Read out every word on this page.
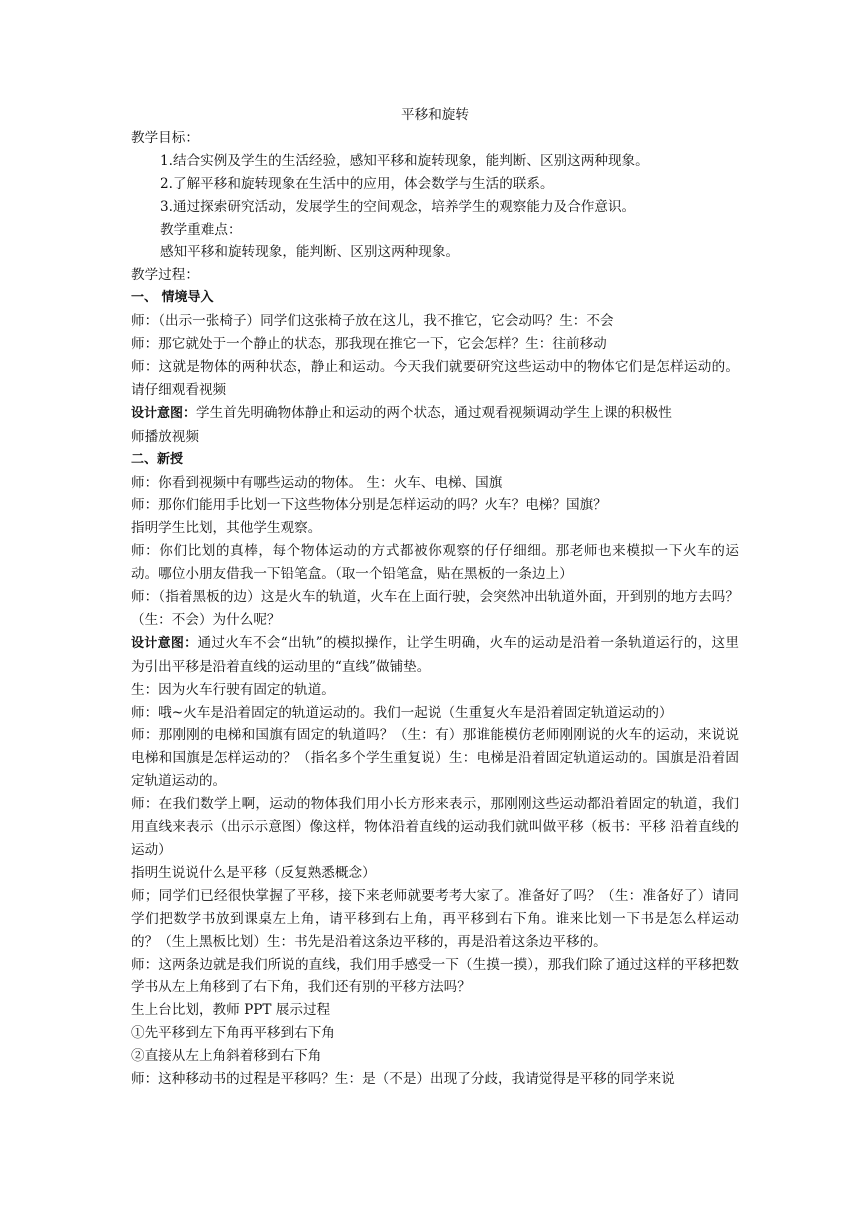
平移和旋转

教学目标：

1.结合实例及学生的生活经验，感知平移和旋转现象，能判断、区别这两种现象。

2.了解平移和旋转现象在生活中的应用，体会数学与生活的联系。

3.通过探索研究活动，发展学生的空间观念，培养学生的观察能力及合作意识。

教学重难点：

感知平移和旋转现象，能判断、区别这两种现象。

教学过程：

一、 情境导入

师：（出示一张椅子）同学们这张椅子放在这儿，我不推它，它会动吗？生：不会

师：那它就处于一个静止的状态，那我现在推它一下，它会怎样？生：往前移动

师：这就是物体的两种状态，静止和运动。今天我们就要研究这些运动中的物体它们是怎样运动的。请仔细观看视频

设计意图：学生首先明确物体静止和运动的两个状态，通过观看视频调动学生上课的积极性

师播放视频

二、新授

师：你看到视频中有哪些运动的物体。 生：火车、电梯、国旗

师：那你们能用手比划一下这些物体分别是怎样运动的吗？火车？电梯？国旗？

指明学生比划，其他学生观察。

师：你们比划的真棒，每个物体运动的方式都被你观察的仔仔细细。那老师也来模拟一下火车的运动。哪位小朋友借我一下铅笔盒。（取一个铅笔盒，贴在黑板的一条边上）

师：（指着黑板的边）这是火车的轨道，火车在上面行驶，会突然冲出轨道外面，开到别的地方去吗？（生：不会）为什么呢？

设计意图：通过火车不会“出轨”的模拟操作，让学生明确，火车的运动是沿着一条轨道运行的，这里为引出平移是沿着直线的运动里的“直线”做铺垫。

生：因为火车行驶有固定的轨道。

师：哦~火车是沿着固定的轨道运动的。我们一起说（生重复火车是沿着固定轨道运动的）

师：那刚刚的电梯和国旗有固定的轨道吗？（生：有）那谁能模仿老师刚刚说的火车的运动，来说说电梯和国旗是怎样运动的？（指名多个学生重复说）生：电梯是沿着固定轨道运动的。国旗是沿着固定轨道运动的。

师：在我们数学上啊，运动的物体我们用小长方形来表示，那刚刚这些运动都沿着固定的轨道，我们用直线来表示（出示示意图）像这样，物体沿着直线的运动我们就叫做平移（板书：平移 沿着直线的运动）

指明生说说什么是平移（反复熟悉概念）

师；同学们已经很快掌握了平移，接下来老师就要考考大家了。准备好了吗？（生：准备好了）请同学们把数学书放到课桌左上角，请平移到右上角，再平移到右下角。谁来比划一下书是怎么样运动的？（生上黑板比划）生：书先是沿着这条边平移的，再是沿着这条边平移的。

师：这两条边就是我们所说的直线，我们用手感受一下（生摸一摸），那我们除了通过这样的平移把数学书从左上角移到了右下角，我们还有别的平移方法吗？

生上台比划，教师 PPT 展示过程

①先平移到左下角再平移到右下角

②直接从左上角斜着移到右下角

师：这种移动书的过程是平移吗？生：是（不是）出现了分歧，我请觉得是平移的同学来说
